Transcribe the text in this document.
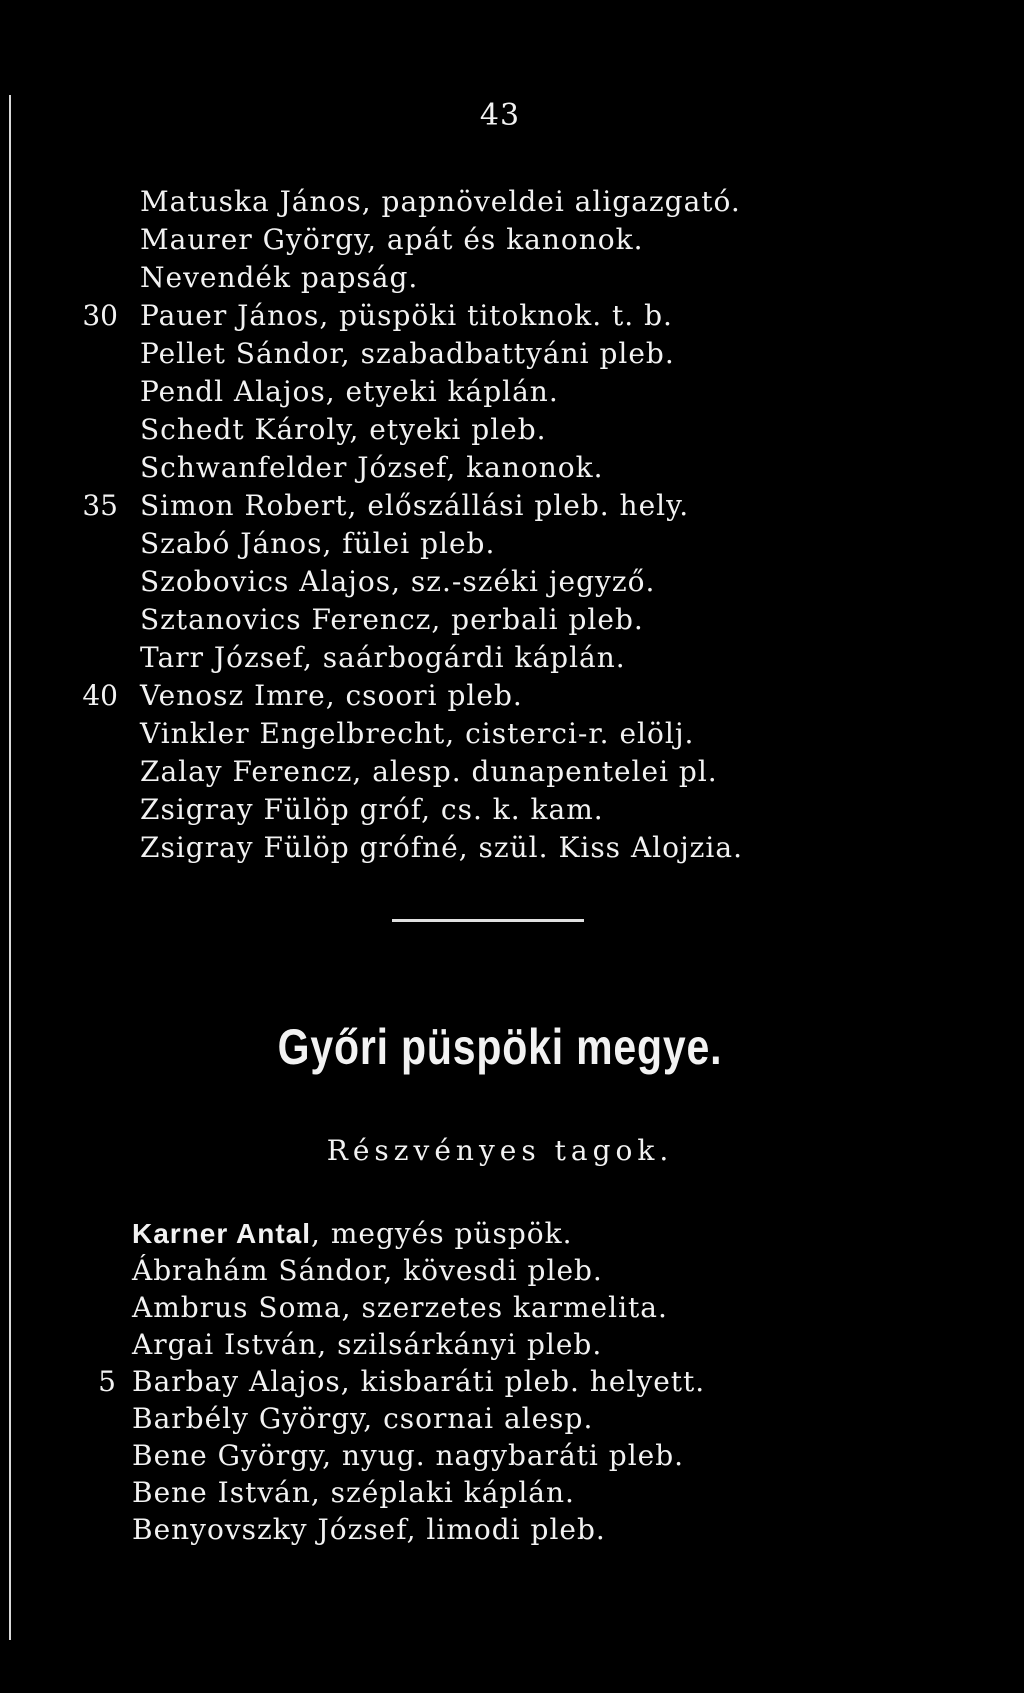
43
Matuska János, papnöveldei aligazgató.
Maurer György, apát és kanonok.
Nevendék papság.
30 Pauer János, püspöki titoknok. t. b.
Pellet Sándor, szabadbattyáni pleb.
Pendl Alajos, etyeki káplán.
Schedt Károly, etyeki pleb.
Schwanfelder József, kanonok.
35 Simon Robert, előszállási pleb. hely.
Szabó János, fülei pleb.
Szobovics Alajos, sz.-széki jegyző.
Sztanovics Ferencz, perbali pleb.
Tarr József, saárbogárdi káplán.
40 Venosz Imre, csoori pleb.
Vinkler Engelbrecht, cisterci-r. elölj.
Zalay Ferencz, alesp. dunapentelei pl.
Zsigray Fülöp gróf, cs. k. kam.
Zsigray Fülöp grófné, szül. Kiss Alojzia.
Győri püspöki megye.
Részvényes tagok.
Karner Antal, megyés püspök.
Ábrahám Sándor, kövesdi pleb.
Ambrus Soma, szerzetes karmelita.
Argai István, szilsárkányi pleb.
5 Barbay Alajos, kisbaráti pleb. helyett.
Barbély György, csornai alesp.
Bene György, nyug. nagybaráti pleb.
Bene István, széplaki káplán.
Benyovszky József, limodi pleb.
